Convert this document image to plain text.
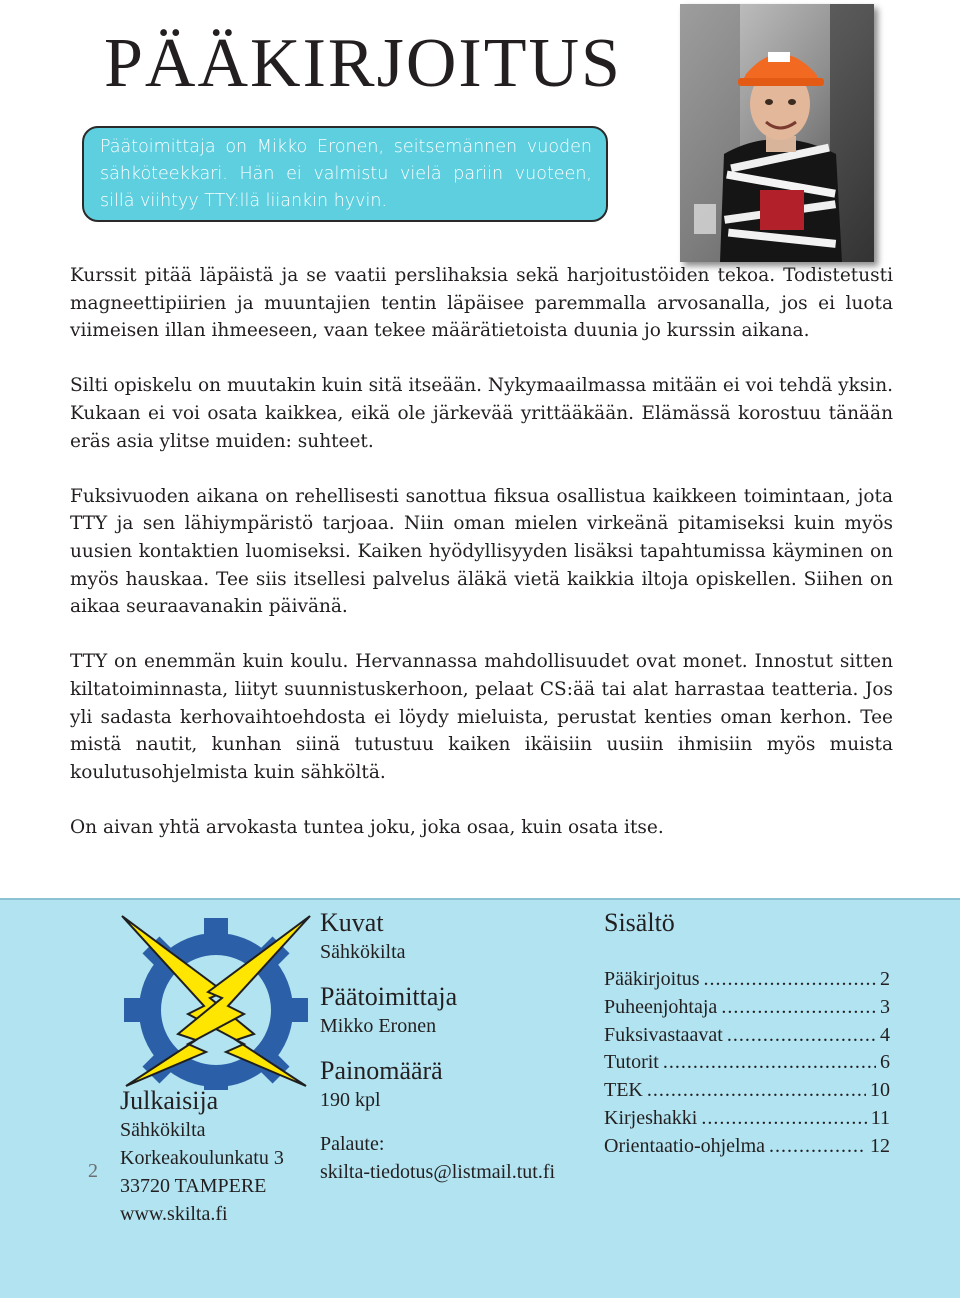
PÄÄKIRJOITUS
Päätoimittaja on Mikko Eronen, seitsemännen vuoden sähköteekkari. Hän ei valmistu vielä pariin vuoteen, sillä viihtyy TTY:llä liiankin hyvin.

Kurssit pitää läpäistä ja se vaatii perslihaksia sekä harjoitustöiden tekoa. Todistetusti magneettipiirien ja muuntajien tentin läpäisee paremmalla arvosanalla, jos ei luota viimeisen illan ihmeeseen, vaan tekee määrätietoista duunia jo kurssin aikana.

Silti opiskelu on muutakin kuin sitä itseään. Nykymaailmassa mitään ei voi tehdä yksin. Kukaan ei voi osata kaikkea, eikä ole järkevää yrittääkään. Elämässä korostuu tänään eräs asia ylitse muiden: suhteet.

Fuksivuoden aikana on rehellisesti sanottua fiksua osallistua kaikkeen toimintaan, jota TTY ja sen lähiympäristö tarjoaa. Niin oman mielen virkeänä pitamiseksi kuin myös uusien kontaktien luomiseksi. Kaiken hyödyllisyyden lisäksi tapahtumissa käyminen on myös hauskaa. Tee siis itsellesi palvelus äläkä vietä kaikkia iltoja opiskellen. Siihen on aikaa seuraavanakin päivänä.

TTY on enemmän kuin koulu. Hervannassa mahdollisuudet ovat monet. Innostut sitten kiltatoiminnasta, liityt suunnistuskerhoon, pelaat CS:ää tai alat harrastaa teatteria. Jos yli sadasta kerhovaihtoehdosta ei löydy mieluista, perustat kenties oman kerhon. Tee mistä nautit, kunhan siinä tutustuu kaiken ikäisiin uusiin ihmisiin myös muista koulutusohjelmista kuin sähköltä.

On aivan yhtä arvokasta tuntea joku, joka osaa, kuin osata itse.

2
Julkaisija
Sähkökilta
Korkeakoulunkatu 3
33720 TAMPERE
www.skilta.fi
Kuvat
Sähkökilta
Päätoimittaja
Mikko Eronen
Painomäärä
190 kpl
Palaute:
skilta-tiedotus@listmail.tut.fi
Sisältö
Pääkirjoitus .....	2
Puheenjohtaja .....	3
Fuksivastaavat .....	4
Tutorit .....	6
TEK .....	10
Kirjeshakki .....	11
Orientaatio-ohjelma .....	12
